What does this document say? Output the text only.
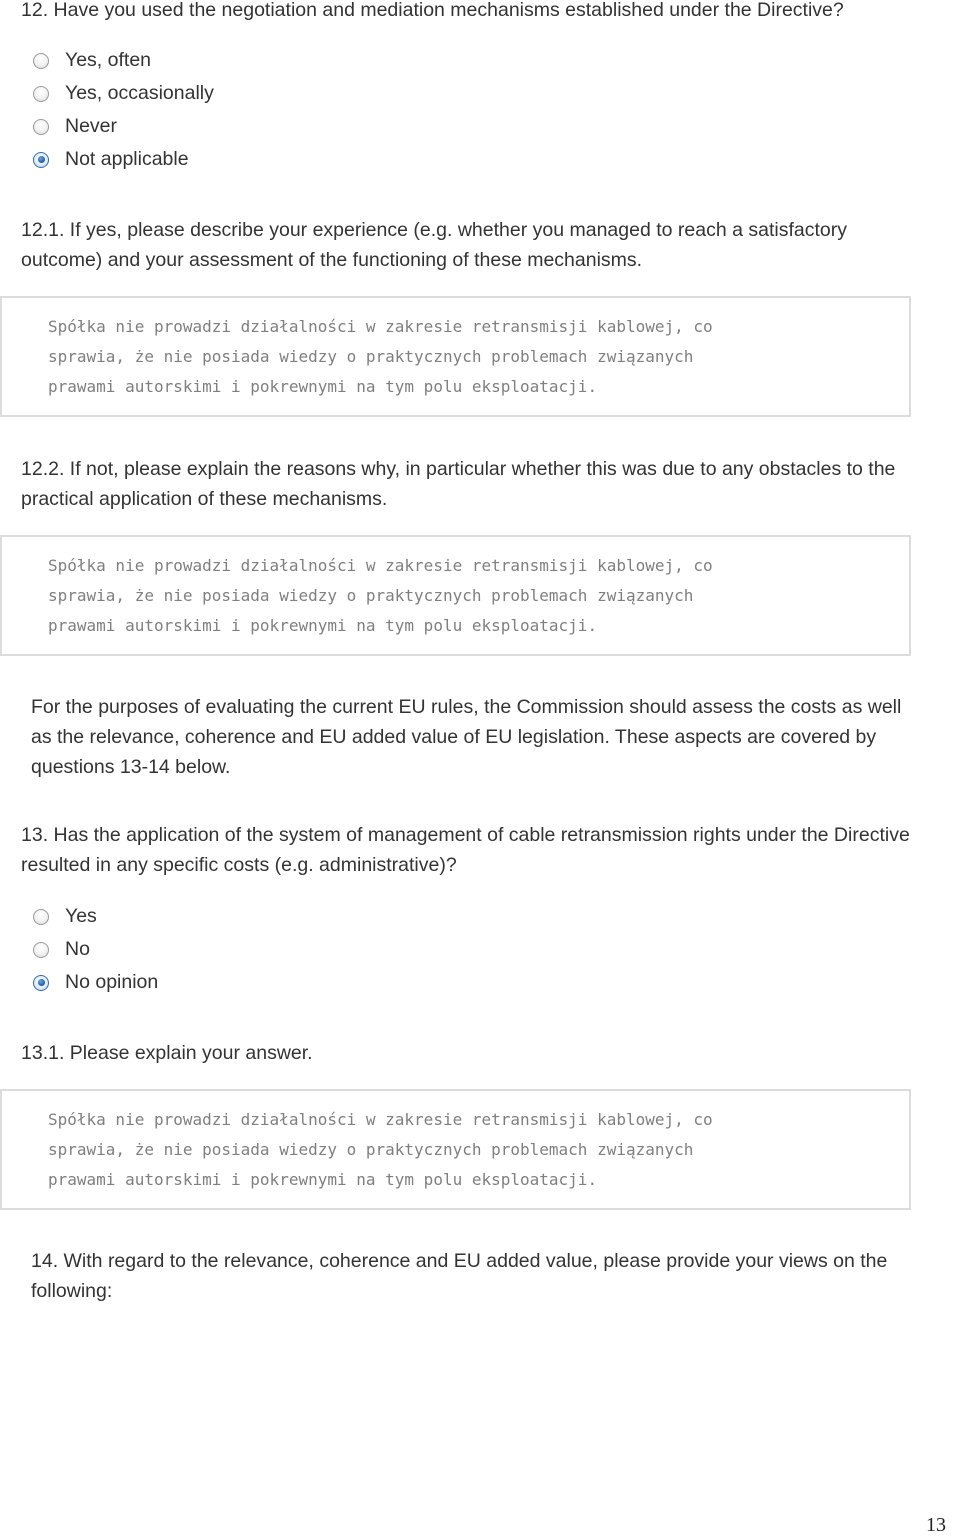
12. Have you used the negotiation and mediation mechanisms established under the Directive?

Yes, often
Yes, occasionally
Never
Not applicable

12.1. If yes, please describe your experience (e.g. whether you managed to reach a satisfactory outcome) and your assessment of the functioning of these mechanisms.

Spółka nie prowadzi działalności w zakresie retransmisji kablowej, co
sprawia, że nie posiada wiedzy o praktycznych problemach związanych
prawami autorskimi i pokrewnymi na tym polu eksploatacji.

12.2. If not, please explain the reasons why, in particular whether this was due to any obstacles to the practical application of these mechanisms.

Spółka nie prowadzi działalności w zakresie retransmisji kablowej, co
sprawia, że nie posiada wiedzy o praktycznych problemach związanych
prawami autorskimi i pokrewnymi na tym polu eksploatacji.

For the purposes of evaluating the current EU rules, the Commission should assess the costs as well as the relevance, coherence and EU added value of EU legislation. These aspects are covered by questions 13-14 below.

13. Has the application of the system of management of cable retransmission rights under the Directive resulted in any specific costs (e.g. administrative)?

Yes
No
No opinion

13.1. Please explain your answer.

Spółka nie prowadzi działalności w zakresie retransmisji kablowej, co
sprawia, że nie posiada wiedzy o praktycznych problemach związanych
prawami autorskimi i pokrewnymi na tym polu eksploatacji.

14. With regard to the relevance, coherence and EU added value, please provide your views on the following:

13
